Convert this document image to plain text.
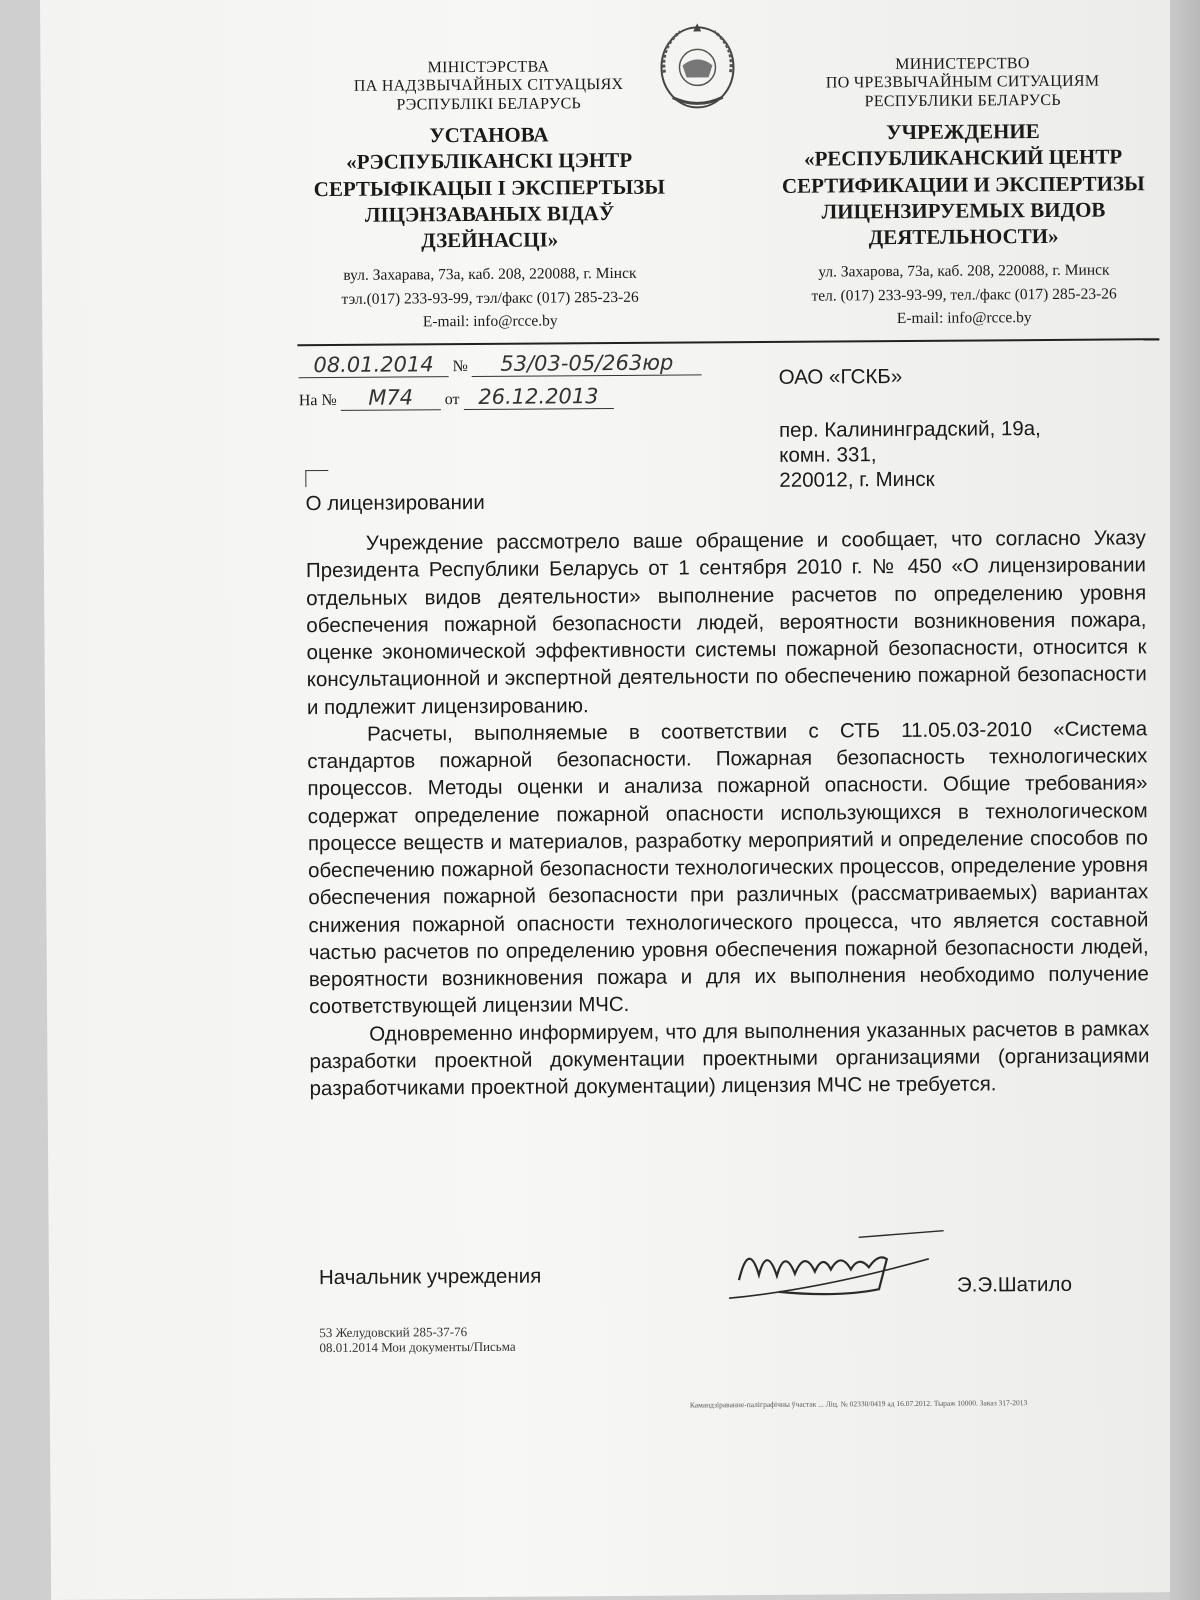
МІНІСТЭРСТВА
ПА НАДЗВЫЧАЙНЫХ СІТУАЦЫЯХ
РЭСПУБЛІКІ БЕЛАРУСЬ
УСТАНОВА
«РЭСПУБЛІКАНСКІ ЦЭНТР
СЕРТЫФІКАЦЫІ І ЭКСПЕРТЫЗЫ
ЛІЦЭНЗАВАНЫХ ВІДАЎ
ДЗЕЙНАСЦІ»
вул. Захарава, 73а, каб. 208, 220088, г. Мінск
тэл.(017) 233-93-99, тэл/факс (017) 285-23-26
E-mail: info@rcce.by
МИНИСТЕРСТВО
ПО ЧРЕЗВЫЧАЙНЫМ СИТУАЦИЯМ
РЕСПУБЛИКИ БЕЛАРУСЬ
УЧРЕЖДЕНИЕ
«РЕСПУБЛИКАНСКИЙ ЦЕНТР
СЕРТИФИКАЦИИ И ЭКСПЕРТИЗЫ
ЛИЦЕНЗИРУЕМЫХ ВИДОВ
ДЕЯТЕЛЬНОСТИ»
ул. Захарова, 73а, каб. 208, 220088, г. Минск
тел. (017) 233-93-99, тел./факс (017) 285-23-26
E-mail: info@rcce.by
08.01.2014 № 53/03-05/263юр
На № М74 от 26.12.2013
ОАО «ГСКБ»
пер. Калининградский, 19а,
комн. 331,
220012, г. Минск
О лицензировании

Учреждение рассмотрело ваше обращение и сообщает, что согласно Указу Президента Республики Беларусь от 1 сентября 2010 г. № 450 «О лицензировании отдельных видов деятельности» выполнение расчетов по определению уровня обеспечения пожарной безопасности людей, вероятности возникновения пожара, оценке экономической эффективности системы пожарной безопасности, относится к консультационной и экспертной деятельности по обеспечению пожарной безопасности и подлежит лицензированию.

Расчеты, выполняемые в соответствии с СТБ 11.05.03-2010 «Система стандартов пожарной безопасности. Пожарная безопасность технологических процессов. Методы оценки и анализа пожарной опасности. Общие требования» содержат определение пожарной опасности использующихся в технологическом процессе веществ и материалов, разработку мероприятий и определение способов по обеспечению пожарной безопасности технологических процессов, определение уровня обеспечения пожарной безопасности при различных (рассматриваемых) вариантах снижения пожарной опасности технологического процесса, что является составной частью расчетов по определению уровня обеспечения пожарной безопасности людей, вероятности возникновения пожара и для их выполнения необходимо получение соответствующей лицензии МЧС.

Одновременно информируем, что для выполнения указанных расчетов в рамках разработки проектной документации проектными организациями (организациями разработчиками проектной документации) лицензия МЧС не требуется.

Начальник учреждения	Э.Э.Шатило
53 Желудовский 285-37-76
08.01.2014 Мои документы/Письма
Камандзіраванне-паліграфічны ўчастак ... Ліц. № 02330/0419 ад 16.07.2012. Тыраж 10000. Заказ 317-2013
